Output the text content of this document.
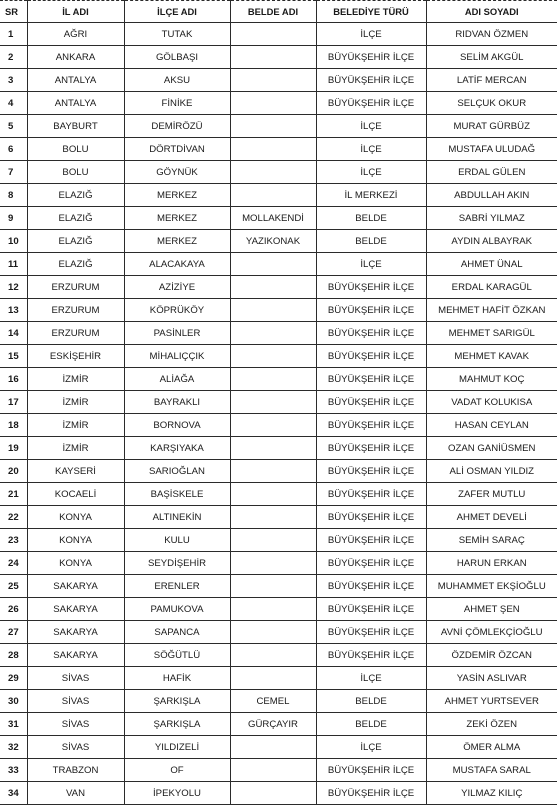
SR	İL ADI	İLÇE ADI	BELDE ADI	BELEDİYE TÜRÜ	ADI SOYADI
1	AĞRI	TUTAK		İLÇE	RIDVAN ÖZMEN
2	ANKARA	GÖLBAŞI		BÜYÜKŞEHİR İLÇE	SELİM AKGÜL
3	ANTALYA	AKSU		BÜYÜKŞEHİR İLÇE	LATİF MERCAN
4	ANTALYA	FİNİKE		BÜYÜKŞEHİR İLÇE	SELÇUK OKUR
5	BAYBURT	DEMİRÖZÜ		İLÇE	MURAT GÜRBÜZ
6	BOLU	DÖRTDİVAN		İLÇE	MUSTAFA ULUDAĞ
7	BOLU	GÖYNÜK		İLÇE	ERDAL GÜLEN
8	ELAZIĞ	MERKEZ		İL MERKEZİ	ABDULLAH AKIN
9	ELAZIĞ	MERKEZ	MOLLAKENDİ	BELDE	SABRİ YILMAZ
10	ELAZIĞ	MERKEZ	YAZIKONAK	BELDE	AYDIN ALBAYRAK
11	ELAZIĞ	ALACAKAYA		İLÇE	AHMET ÜNAL
12	ERZURUM	AZİZİYE		BÜYÜKŞEHİR İLÇE	ERDAL KARAGÜL
13	ERZURUM	KÖPRÜKÖY		BÜYÜKŞEHİR İLÇE	MEHMET HAFİT ÖZKAN
14	ERZURUM	PASİNLER		BÜYÜKŞEHİR İLÇE	MEHMET SARIGÜL
15	ESKİŞEHİR	MİHALIÇÇIK		BÜYÜKŞEHİR İLÇE	MEHMET KAVAK
16	İZMİR	ALİAĞA		BÜYÜKŞEHİR İLÇE	MAHMUT KOÇ
17	İZMİR	BAYRAKLI		BÜYÜKŞEHİR İLÇE	VADAT KOLUKISA
18	İZMİR	BORNOVA		BÜYÜKŞEHİR İLÇE	HASAN CEYLAN
19	İZMİR	KARŞIYAKA		BÜYÜKŞEHİR İLÇE	OZAN GANİÜSMEN
20	KAYSERİ	SARIOĞLAN		BÜYÜKŞEHİR İLÇE	ALİ OSMAN YILDIZ
21	KOCAELİ	BAŞİSKELE		BÜYÜKŞEHİR İLÇE	ZAFER MUTLU
22	KONYA	ALTINEKİN		BÜYÜKŞEHİR İLÇE	AHMET DEVELİ
23	KONYA	KULU		BÜYÜKŞEHİR İLÇE	SEMİH SARAÇ
24	KONYA	SEYDİŞEHİR		BÜYÜKŞEHİR İLÇE	HARUN ERKAN
25	SAKARYA	ERENLER		BÜYÜKŞEHİR İLÇE	MUHAMMET EKŞİOĞLU
26	SAKARYA	PAMUKOVA		BÜYÜKŞEHİR İLÇE	AHMET ŞEN
27	SAKARYA	SAPANCA		BÜYÜKŞEHİR İLÇE	AVNİ ÇÖMLEKÇİOĞLU
28	SAKARYA	SÖĞÜTLÜ		BÜYÜKŞEHİR İLÇE	ÖZDEMİR ÖZCAN
29	SİVAS	HAFİK		İLÇE	YASİN ASLIVAR
30	SİVAS	ŞARKIŞLA	CEMEL	BELDE	AHMET YURTSEVER
31	SİVAS	ŞARKIŞLA	GÜRÇAYIR	BELDE	ZEKİ ÖZEN
32	SİVAS	YILDIZELİ		İLÇE	ÖMER ALMA
33	TRABZON	OF		BÜYÜKŞEHİR İLÇE	MUSTAFA SARAL
34	VAN	İPEKYOLU		BÜYÜKŞEHİR İLÇE	YILMAZ KILIÇ
